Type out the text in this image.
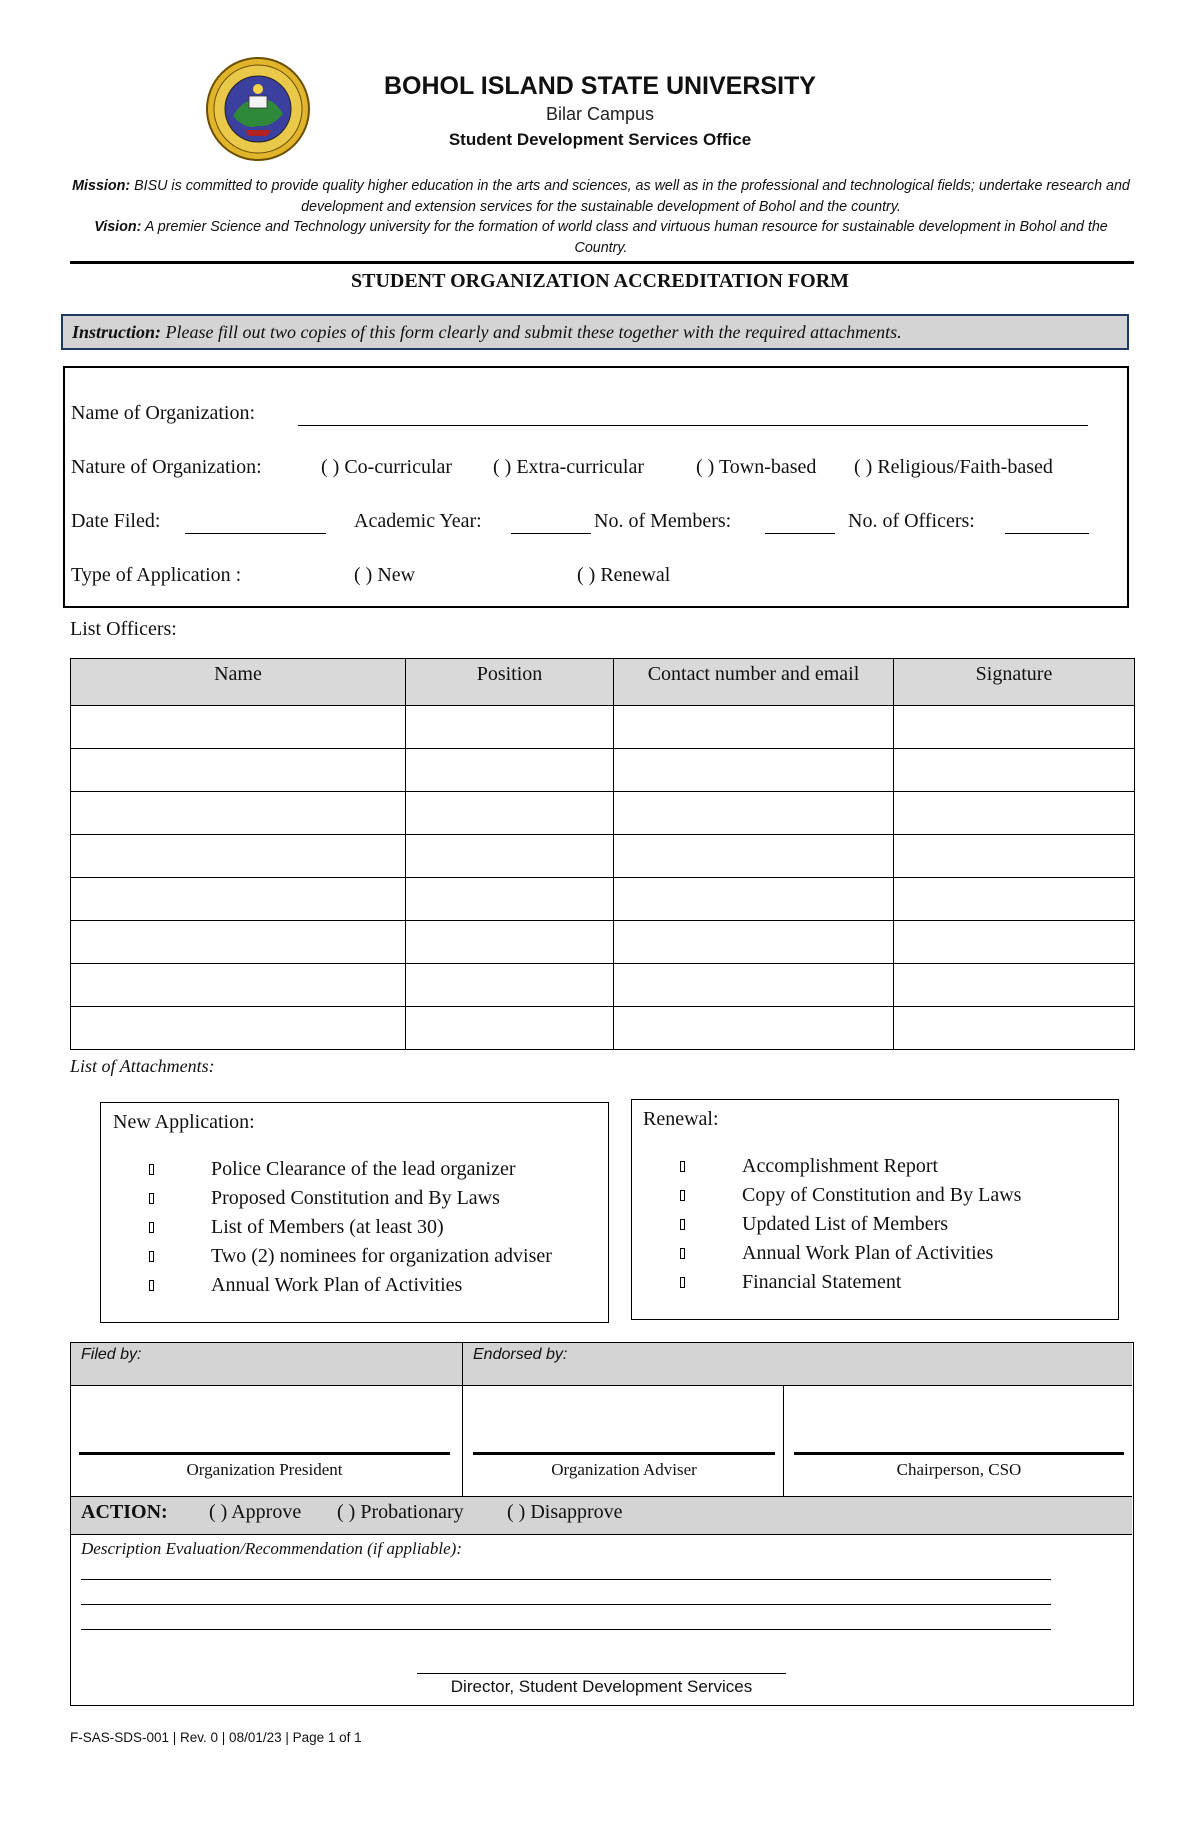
BOHOL ISLAND STATE UNIVERSITY
Bilar Campus
Student Development Services Office
Mission: BISU is committed to provide quality higher education in the arts and sciences, as well as in the professional and technological fields; undertake research and development and extension services for the sustainable development of Bohol and the country.
Vision: A premier Science and Technology university for the formation of world class and virtuous human resource for sustainable development in Bohol and the Country.
STUDENT ORGANIZATION ACCREDITATION FORM
Instruction: Please fill out two copies of this form clearly and submit these together with the required attachments.
Name of Organization:
Nature of Organization:	( ) Co-curricular ( ) Extra-curricular	( ) Town-based ( ) Religious/Faith-based
Date Filed:	Academic Year:	No. of Members:	No. of Officers:
Type of Application :	( ) New	( ) Renewal
List Officers:
Name	Position	Contact number and email	Signature

List of Attachments:
New Application:
Police Clearance of the lead organizer
Proposed Constitution and By Laws
List of Members (at least 30)
Two (2) nominees for organization adviser
Annual Work Plan of Activities
Renewal:
Accomplishment Report
Copy of Constitution and By Laws
Updated List of Members
Annual Work Plan of Activities
Financial Statement
Filed by:	Endorsed by:
Organization President	Organization Adviser	Chairperson, CSO
ACTION: ( ) Approve ( ) Probationary ( ) Disapprove
Description Evaluation/Recommendation (if appliable):
Director, Student Development Services
F-SAS-SDS-001 | Rev. 0 | 08/01/23 | Page 1 of 1
